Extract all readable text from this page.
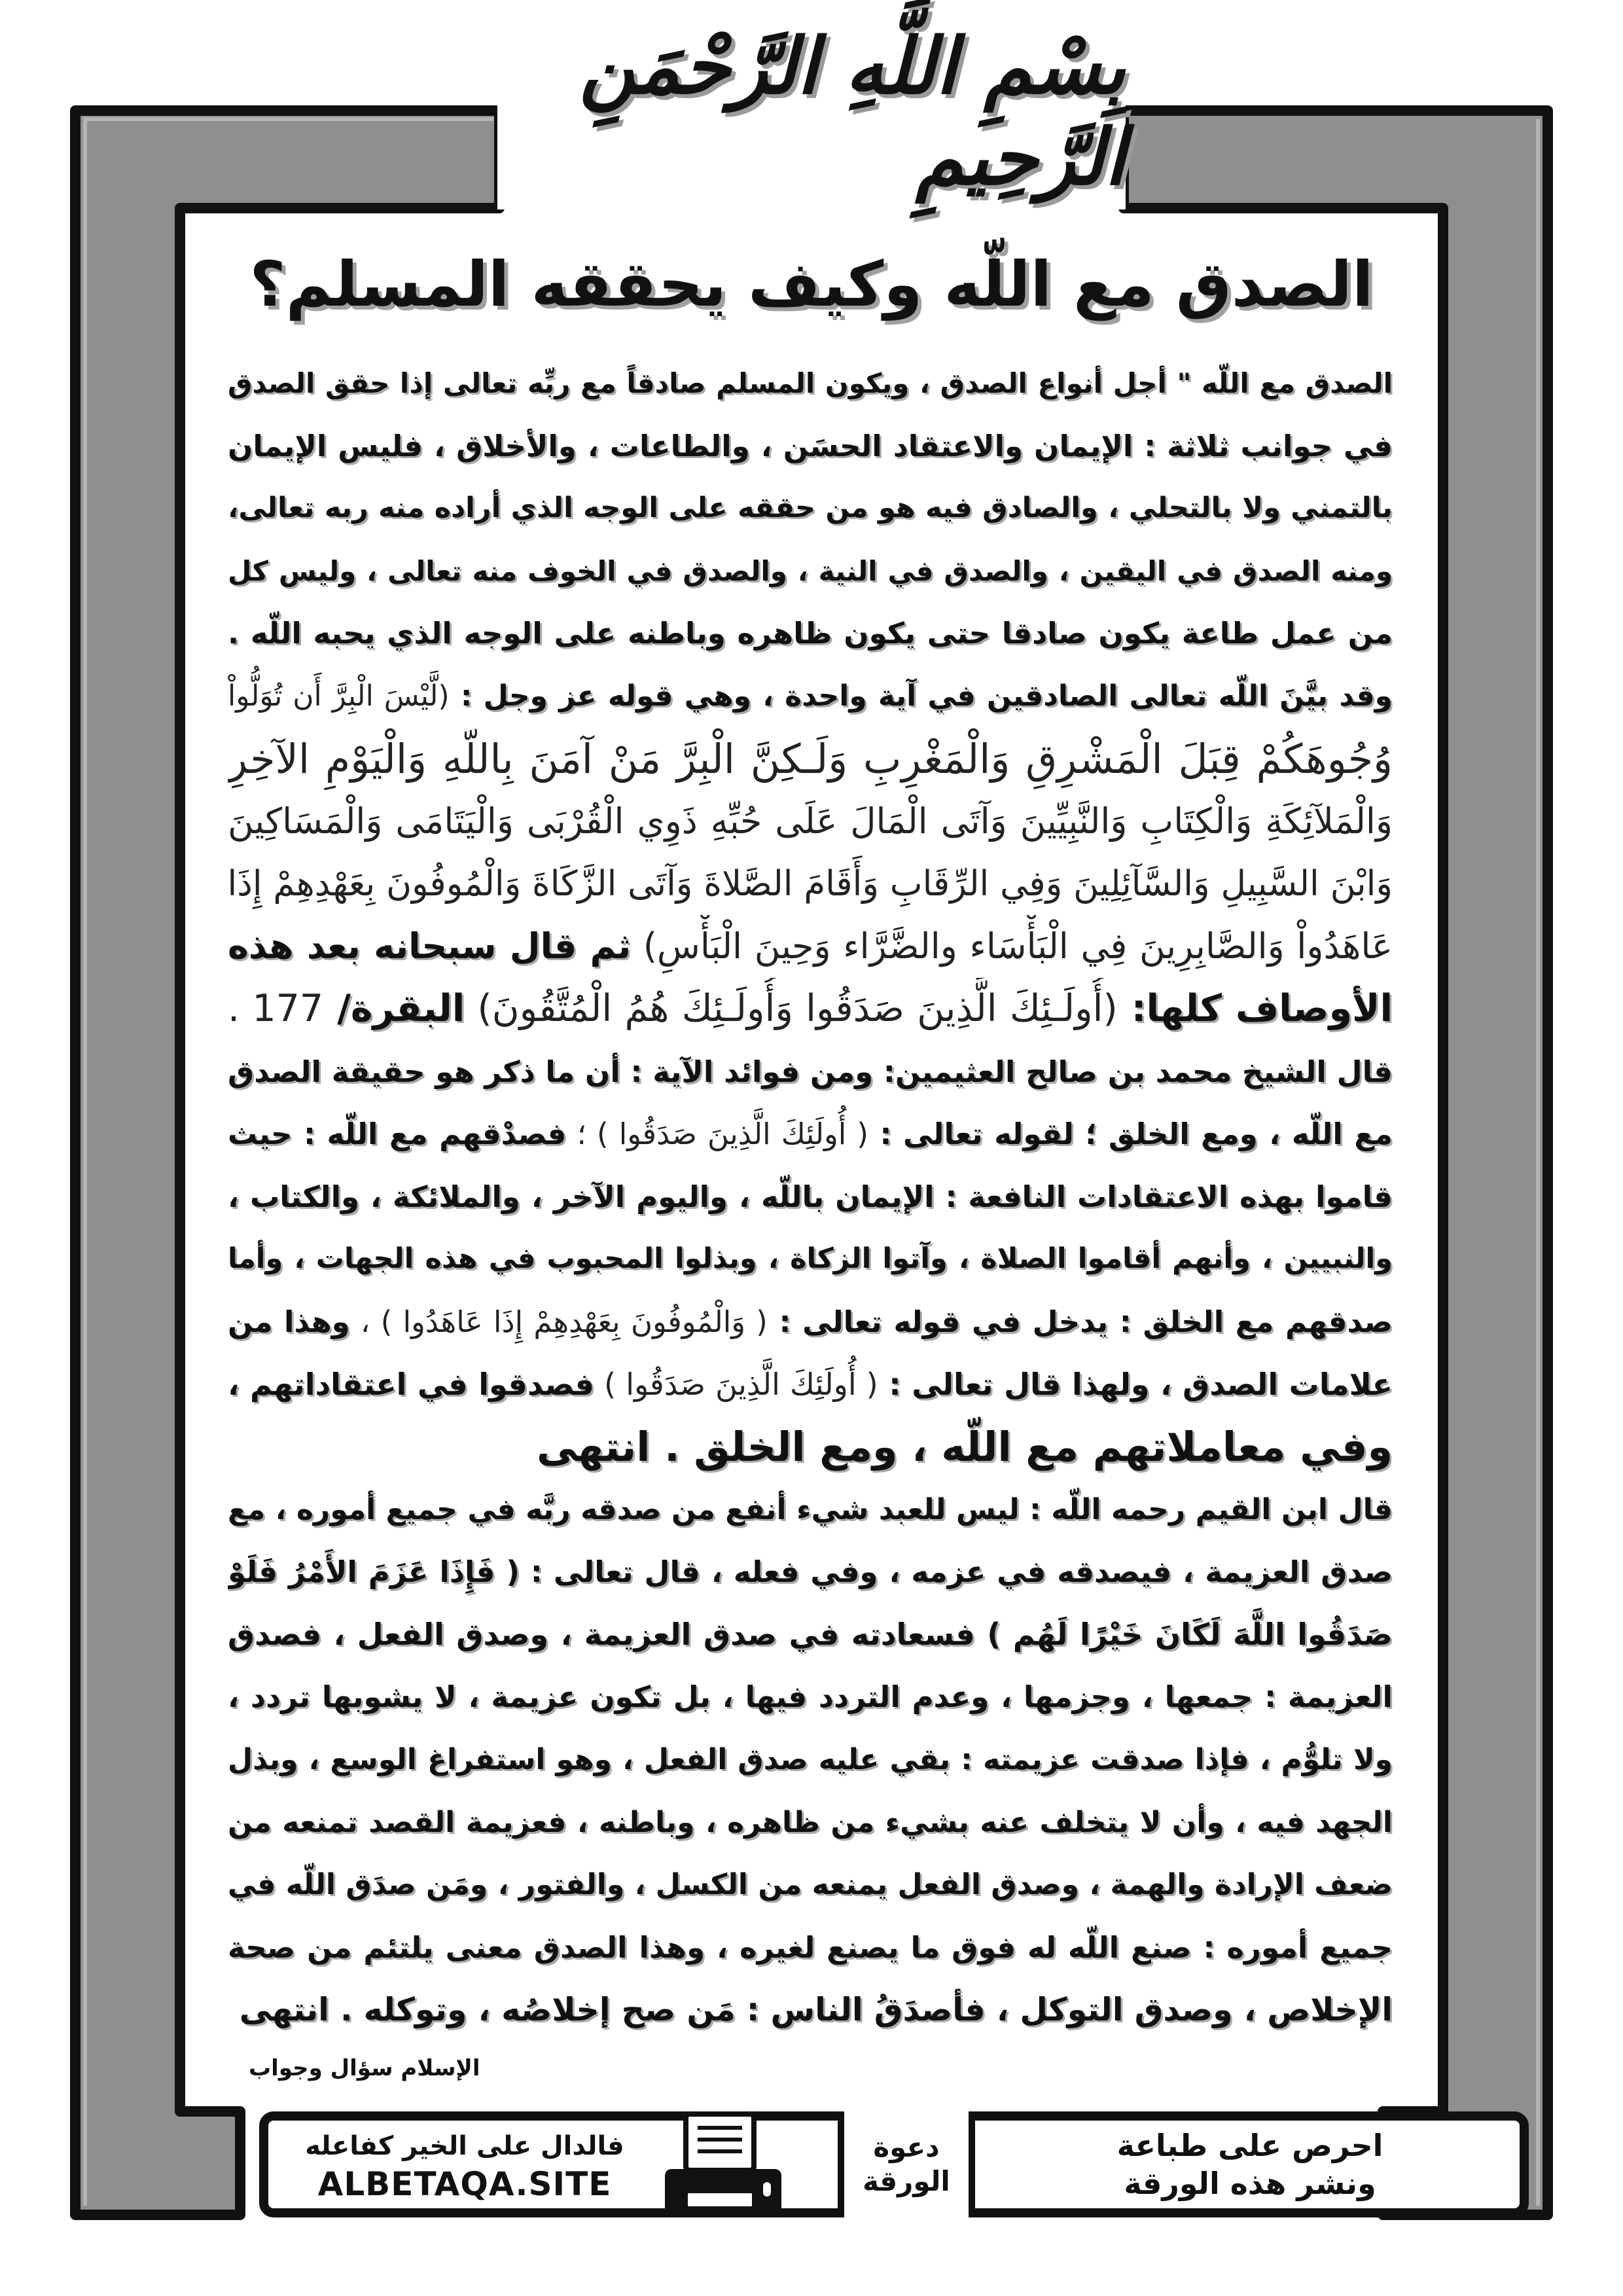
بِسْمِ اللَّهِ الرَّحْمَنِ الرَّحِيمِ
الصدق مع اللّه وكيف يحققه المسلم؟
الصدق مع اللّه " أجل أنواع الصدق ، ويكون المسلم صادقاً مع ربِّه تعالى إذا حقق الصدق
في جوانب ثلاثة : الإيمان والاعتقاد الحسَن ، والطاعات ، والأخلاق ، فليس الإيمان
بالتمني ولا بالتحلي ، والصادق فيه هو من حققه على الوجه الذي أراده منه ربه تعالى،
ومنه الصدق في اليقين ، والصدق في النية ، والصدق في الخوف منه تعالى ، وليس كل
من عمل طاعة يكون صادقا حتى يكون ظاهره وباطنه على الوجه الذي يحبه اللّه .
وقد بيَّنَ اللّه تعالى الصادقين في آية واحدة ، وهي قوله عز وجل : (لَّيْسَ الْبِرَّ أَن تُوَلُّواْ
وُجُوهَكُمْ قِبَلَ الْمَشْرِقِ وَالْمَغْرِبِ وَلَـكِنَّ الْبِرَّ مَنْ آمَنَ بِاللّهِ وَالْيَوْمِ الآخِرِ
وَالْمَلآئِكَةِ وَالْكِتَابِ وَالنَّبِيِّينَ وَآتَى الْمَالَ عَلَى حُبِّهِ ذَوِي الْقُرْبَى وَالْيَتَامَى وَالْمَسَاكِينَ
وَابْنَ السَّبِيلِ وَالسَّآئِلِينَ وَفِي الرِّقَابِ وَأَقَامَ الصَّلاةَ وَآتَى الزَّكَاةَ وَالْمُوفُونَ بِعَهْدِهِمْ إِذَا
عَاهَدُواْ وَالصَّابِرِينَ فِي الْبَأْسَاء والضَّرَّاء وَحِينَ الْبَأْسِ) ثم قال سبحانه بعد هذه
الأوصاف كلها: (أُولَـئِكَ الَّذِينَ صَدَقُوا وَأُولَـئِكَ هُمُ الْمُتَّقُونَ) البقرة/ 177 .
قال الشيخ محمد بن صالح العثيمين: ومن فوائد الآية : أن ما ذكر هو حقيقة الصدق
مع اللّه ، ومع الخلق ؛ لقوله تعالى : ( أُولَئِكَ الَّذِينَ صَدَقُوا ) ؛ فصدْقهم مع اللّه : حيث
قاموا بهذه الاعتقادات النافعة : الإيمان باللّه ، واليوم الآخر ، والملائكة ، والكتاب ،
والنبيين ، وأنهم أقاموا الصلاة ، وآتوا الزكاة ، وبذلوا المحبوب في هذه الجهات ، وأما
صدقهم مع الخلق : يدخل في قوله تعالى : ( وَالْمُوفُونَ بِعَهْدِهِمْ إِذَا عَاهَدُوا ) ، وهذا من
علامات الصدق ، ولهذا قال تعالى : ( أُولَئِكَ الَّذِينَ صَدَقُوا ) فصدقوا في اعتقاداتهم ،
وفي معاملاتهم مع اللّه ، ومع الخلق . انتهى
قال ابن القيم رحمه اللّه : ليس للعبد شيء أنفع من صدقه ربَّه في جميع أموره ، مع
صدق العزيمة ، فيصدقه في عزمه ، وفي فعله ، قال تعالى : ( فَإِذَا عَزَمَ الأَمْرُ فَلَوْ
صَدَقُوا اللَّهَ لَكَانَ خَيْرًا لَهُم ) فسعادته في صدق العزيمة ، وصدق الفعل ، فصدق
العزيمة : جمعها ، وجزمها ، وعدم التردد فيها ، بل تكون عزيمة ، لا يشوبها تردد ،
ولا تلوُّم ، فإذا صدقت عزيمته : بقي عليه صدق الفعل ، وهو استفراغ الوسع ، وبذل
الجهد فيه ، وأن لا يتخلف عنه بشيء من ظاهره ، وباطنه ، فعزيمة القصد تمنعه من
ضعف الإرادة والهمة ، وصدق الفعل يمنعه من الكسل ، والفتور ، ومَن صدَق اللّه في
جميع أموره : صنع اللّه له فوق ما يصنع لغيره ، وهذا الصدق معنى يلتئم من صحة
الإخلاص ، وصدق التوكل ، فأصدَقُ الناس : مَن صح إخلاصُه ، وتوكله . انتهى
الإسلام سؤال وجواب
فالدال على الخير كفاعله
ALBETAQA.SITE
دعوة
الورقة
احرص على طباعة
ونشر هذه الورقة
